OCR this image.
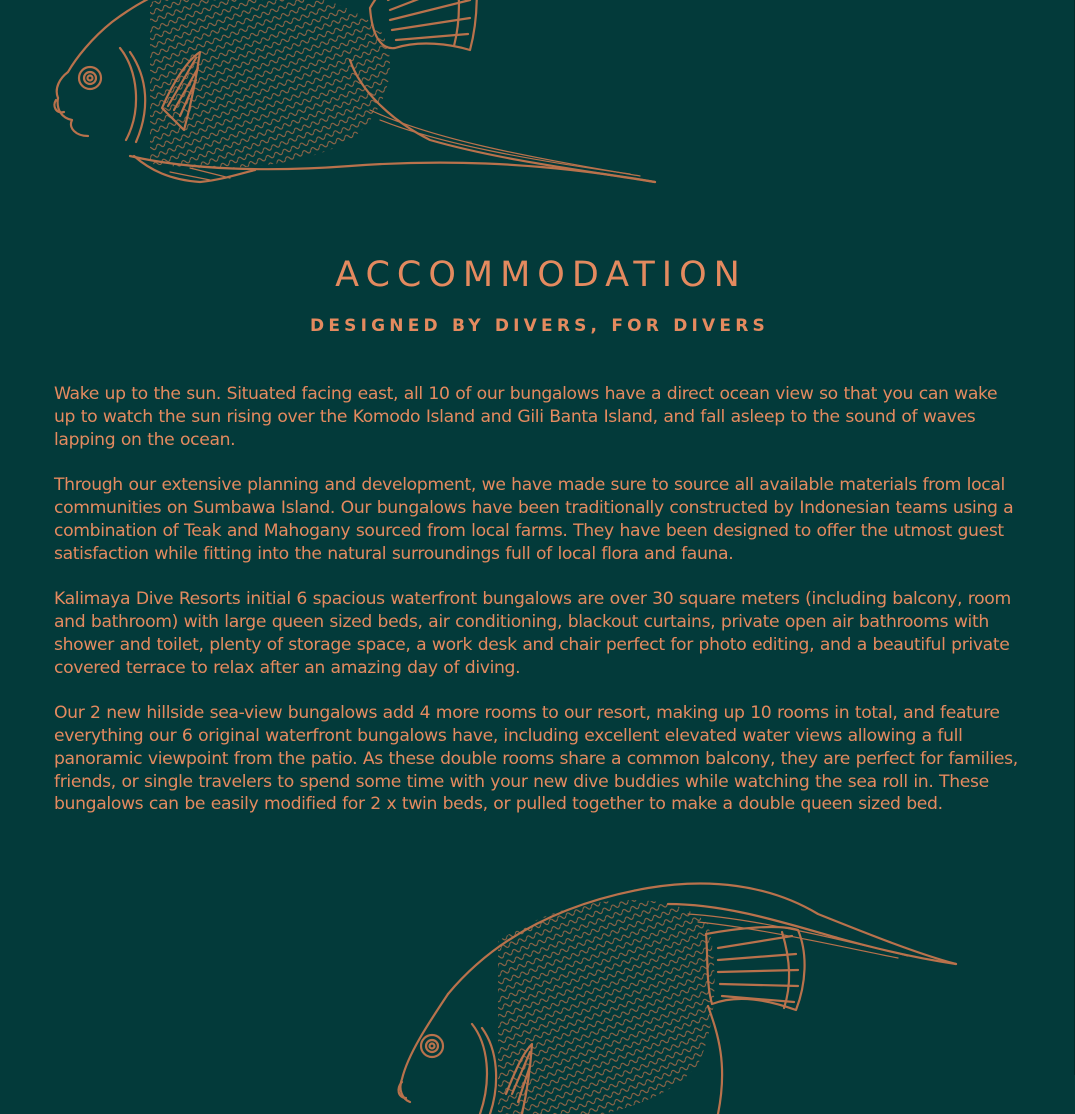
ACCOMMODATION
DESIGNED BY DIVERS, FOR DIVERS

Wake up to the sun. Situated facing east, all 10 of our bungalows have a direct ocean view so that you can wake up to watch the sun rising over the Komodo Island and Gili Banta Island, and fall asleep to the sound of waves lapping on the ocean.

Through our extensive planning and development, we have made sure to source all available materials from local communities on Sumbawa Island. Our bungalows have been traditionally constructed by Indonesian teams using a combination of Teak and Mahogany sourced from local farms. They have been designed to offer the utmost guest satisfaction while fitting into the natural surroundings full of local flora and fauna.

Kalimaya Dive Resorts initial 6 spacious waterfront bungalows are over 30 square meters (including balcony, room and bathroom) with large queen sized beds, air conditioning, blackout curtains, private open air bathrooms with shower and toilet, plenty of storage space, a work desk and chair perfect for photo editing, and a beautiful private covered terrace to relax after an amazing day of diving.

Our 2 new hillside sea-view bungalows add 4 more rooms to our resort, making up 10 rooms in total, and feature everything our 6 original waterfront bungalows have, including excellent elevated water views allowing a full panoramic viewpoint from the patio. As these double rooms share a common balcony, they are perfect for families, friends, or single travelers to spend some time with your new dive buddies while watching the sea roll in. These bungalows can be easily modified for 2 x twin beds, or pulled together to make a double queen sized bed.
